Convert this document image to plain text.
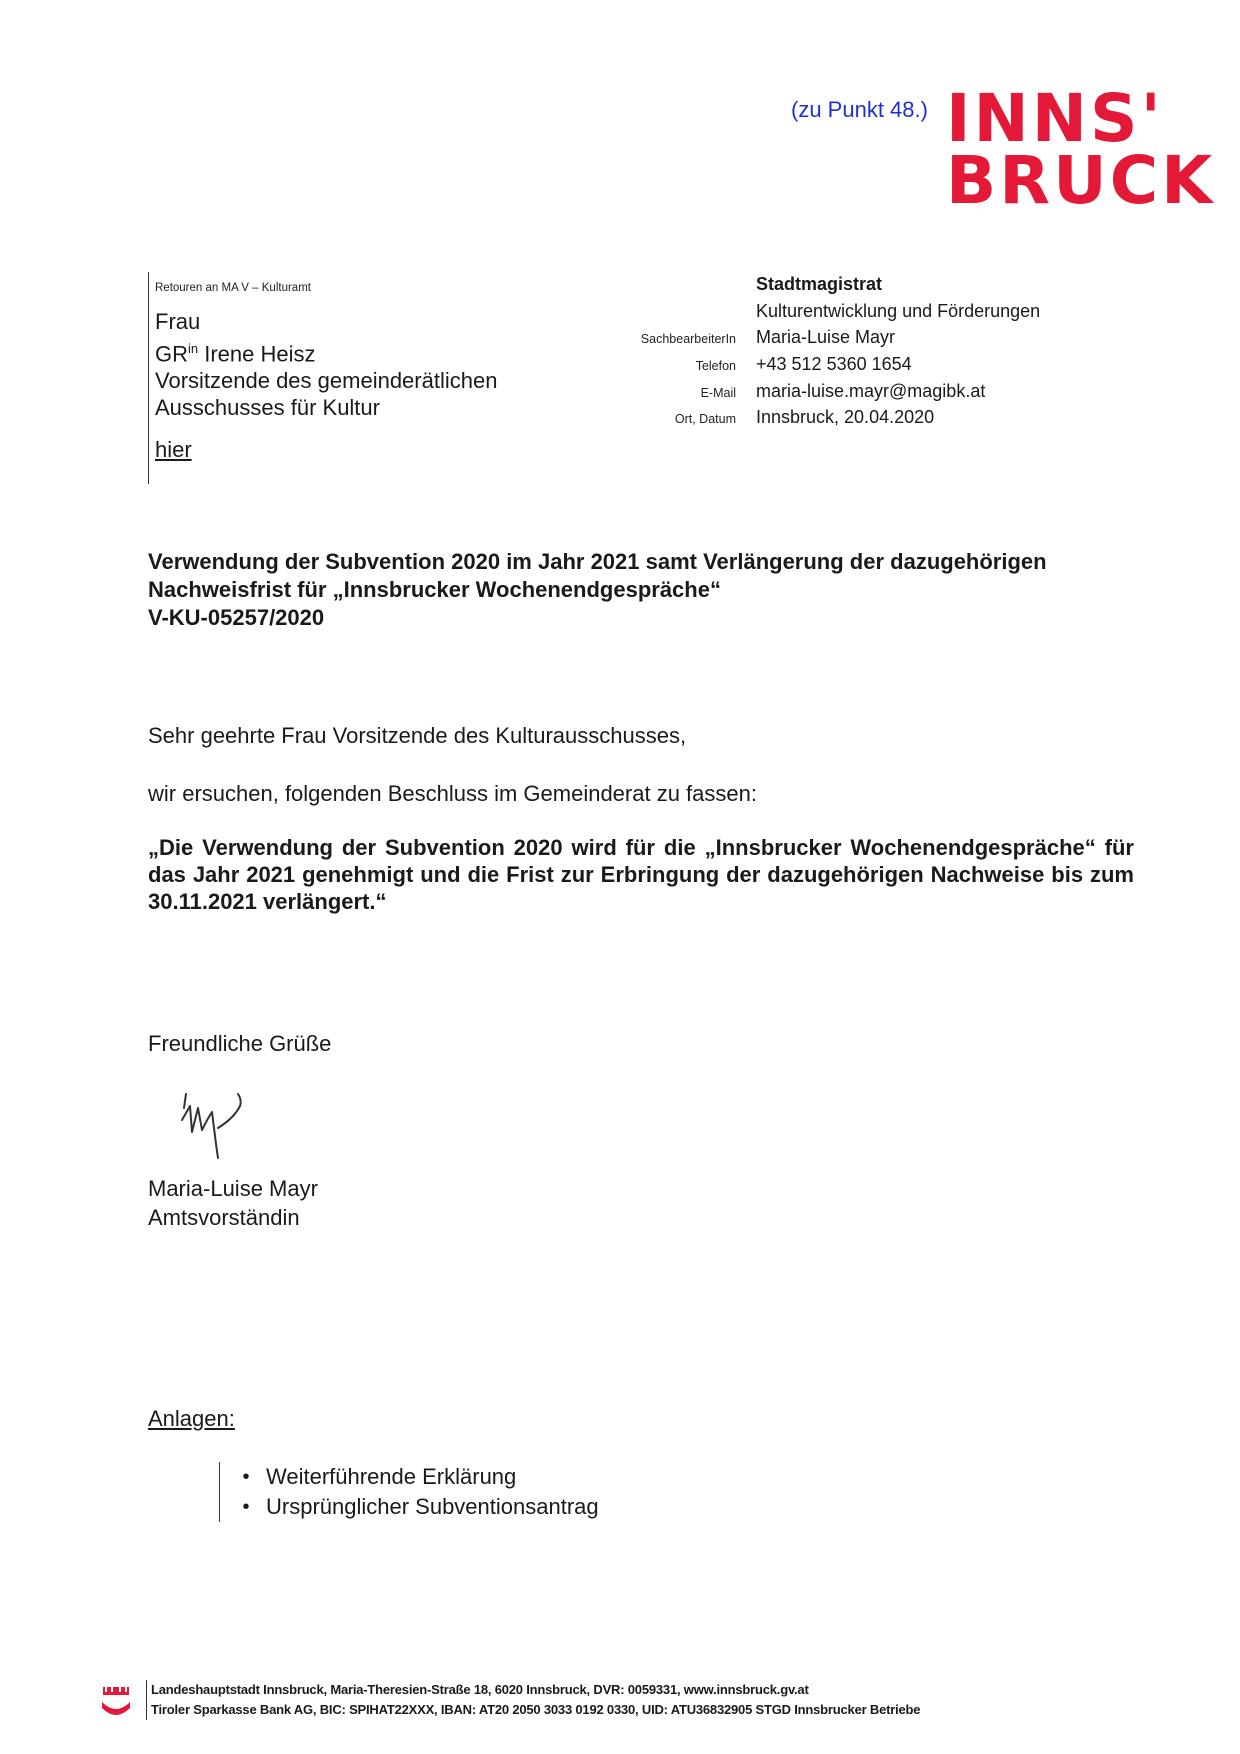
(zu Punkt 48.) INNS'
BRUCK
Retouren an MA V – Kulturamt
Frau
$GR^{in}$ Irene Heisz
Vorsitzende des gemeinderätlichen
Ausschusses für Kultur
hier
Stadtmagistrat
Kulturentwicklung und Förderungen
SachbearbeiterIn	Maria-Luise Mayr
Telefon	+43 512 5360 1654
E-Mail	maria-luise.mayr@magibk.at
Ort, Datum	Innsbruck, 20.04.2020
Verwendung der Subvention 2020 im Jahr 2021 samt Verlängerung der dazugehörigen
Nachweisfrist für „Innsbrucker Wochenendgespräche“
V-KU-05257/2020
Sehr geehrte Frau Vorsitzende des Kulturausschusses,
wir ersuchen, folgenden Beschluss im Gemeinderat zu fassen:
„Die Verwendung der Subvention 2020 wird für die „Innsbrucker Wochenendgespräche“ für das Jahr 2021 genehmigt und die Frist zur Erbringung der dazugehörigen Nachweise bis zum 30.11.2021 verlängert.“
Freundliche Grüße
Maria-Luise Mayr
Amtsvorständin
Anlagen:
• Weiterführende Erklärung
• Ursprünglicher Subventionsantrag
Landeshauptstadt Innsbruck, Maria-Theresien-Straße 18, 6020 Innsbruck, DVR: 0059331, www.innsbruck.gv.at
Tiroler Sparkasse Bank AG, BIC: SPIHAT22XXX, IBAN: AT20 2050 3033 0192 0330, UID: ATU36832905 STGD Innsbrucker Betriebe
